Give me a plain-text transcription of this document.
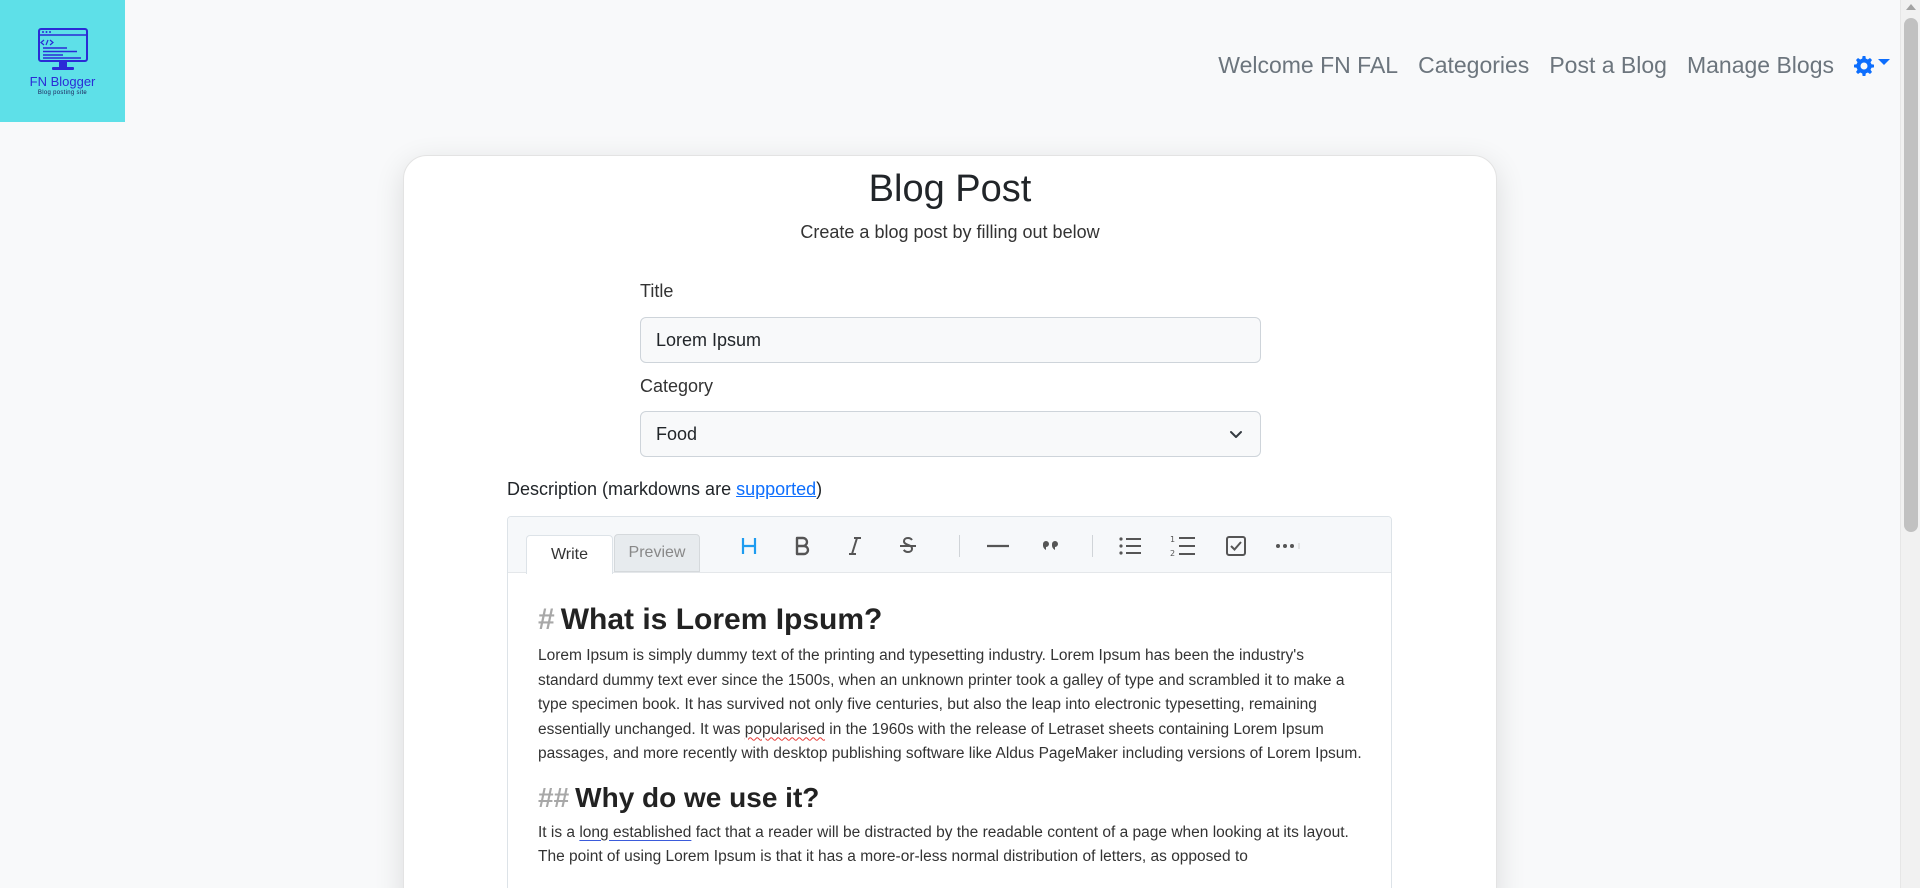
FN Blogger
Blog posting site
Welcome FN FAL Categories Post a Blog Manage Blogs
Blog Post
Create a blog post by filling out below
Title
Lorem Ipsum
Category
Food
Description (markdowns are supported)
Write	Preview
1
2
# What is Lorem Ipsum?
Lorem Ipsum is simply dummy text of the printing and typesetting industry. Lorem Ipsum has been the industry's standard dummy text ever since the 1500s, when an unknown printer took a galley of type and scrambled it to make a type specimen book. It has survived not only five centuries, but also the leap into electronic typesetting, remaining essentially unchanged. It was popularised in the 1960s with the release of Letraset sheets containing Lorem Ipsum passages, and more recently with desktop publishing software like Aldus PageMaker including versions of Lorem Ipsum.
## Why do we use it?
It is a long established fact that a reader will be distracted by the readable content of a page when looking at its layout. The point of using Lorem Ipsum is that it has a more-or-less normal distribution of letters, as opposed to
